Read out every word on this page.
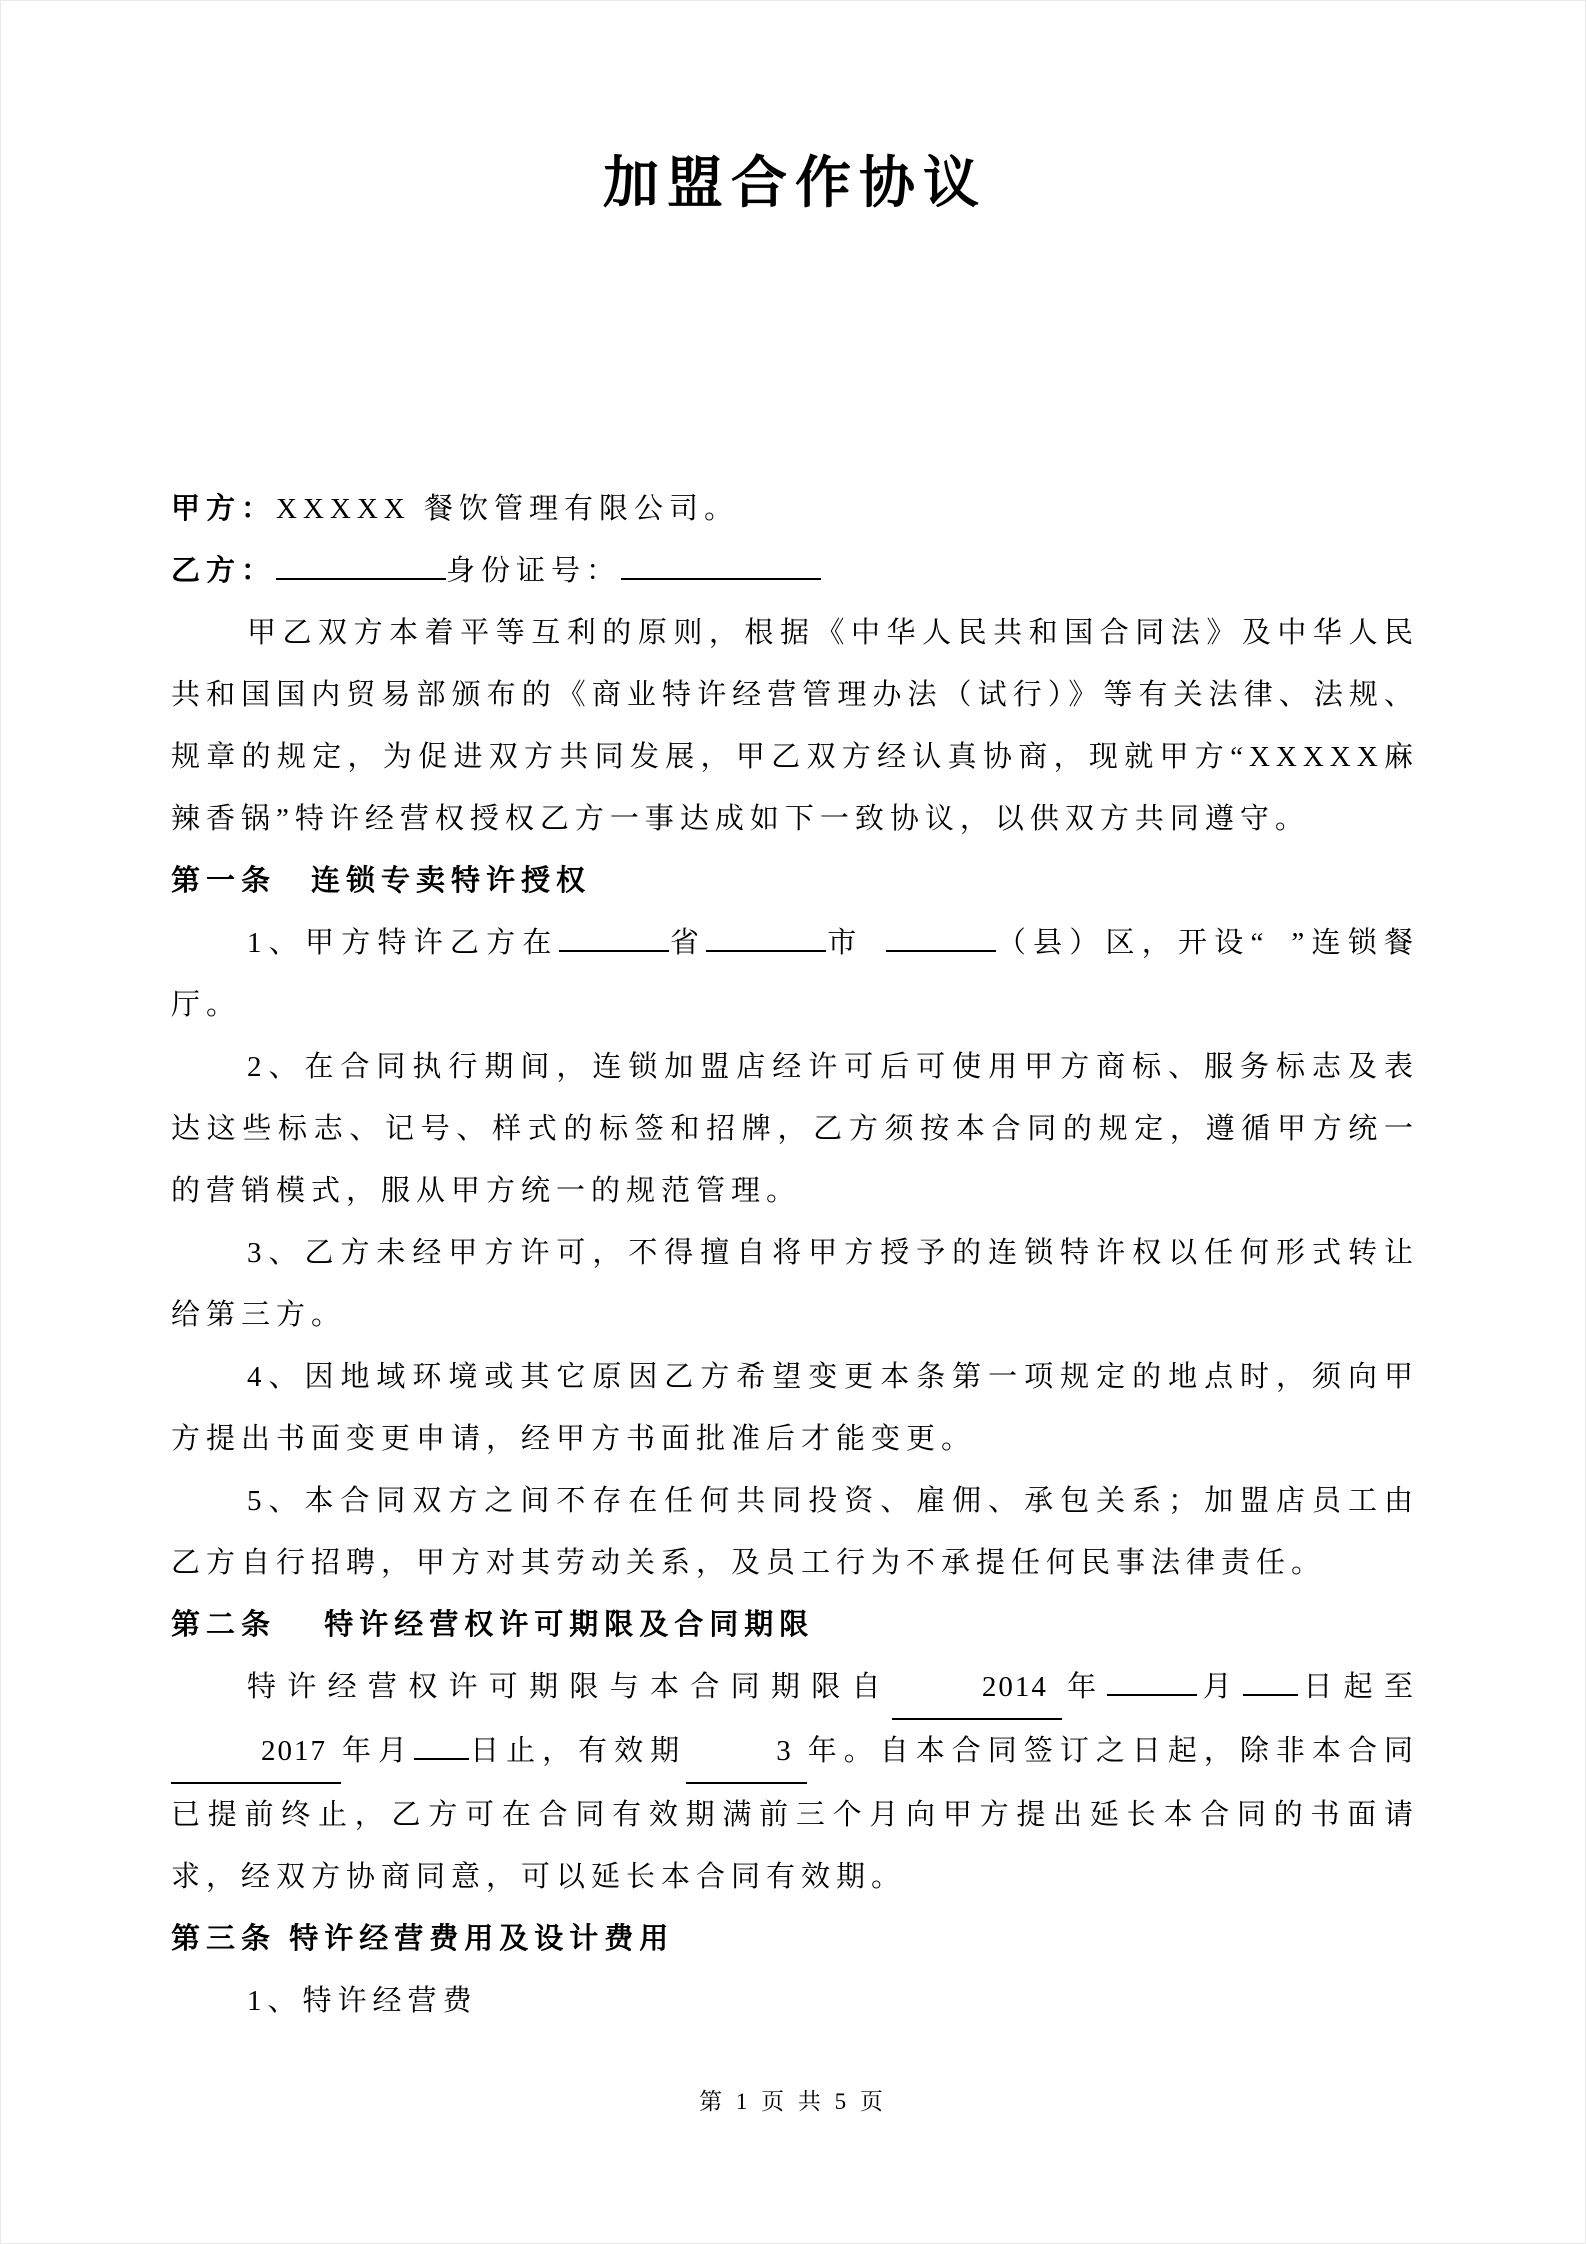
加盟合作协议

甲方：XXXXX 餐饮管理有限公司。

乙方：	身份证号：

甲乙双方本着平等互利的原则，根据《中华人民共和国合同法》及中华人民共和国国内贸易部颁布的《商业特许经营管理办法（试行）》等有关法律、法规、规章的规定，为促进双方共同发展，甲乙双方经认真协商，现就甲方“XXXXX麻辣香锅”特许经营权授权乙方一事达成如下一致协议，以供双方共同遵守。

第一条　连锁专卖特许授权

1、甲方特许乙方在	省	市	（县）区，开设“ ”连锁餐厅。

2、在合同执行期间，连锁加盟店经许可后可使用甲方商标、服务标志及表达这些标志、记号、样式的标签和招牌，乙方须按本合同的规定，遵循甲方统一的营销模式，服从甲方统一的规范管理。

3、乙方未经甲方许可，不得擅自将甲方授予的连锁特许权以任何形式转让给第三方。

4、因地域环境或其它原因乙方希望变更本条第一项规定的地点时，须向甲方提出书面变更申请，经甲方书面批准后才能变更。

5、本合同双方之间不存在任何共同投资、雇佣、承包关系；加盟店员工由乙方自行招聘，甲方对其劳动关系，及员工行为不承提任何民事法律责任。

第二条　 特许经营权许可期限及合同期限

特许经营权许可期限与本合同期限自	2014 年	月 日起至2017 年月 日止，有效期	3 年。自本合同签订之日起，除非本合同已提前终止，乙方可在合同有效期满前三个月向甲方提出延长本合同的书面请求，经双方协商同意，可以延长本合同有效期。

第三条 特许经营费用及设计费用

1、特许经营费

第 1 页 共 5 页
